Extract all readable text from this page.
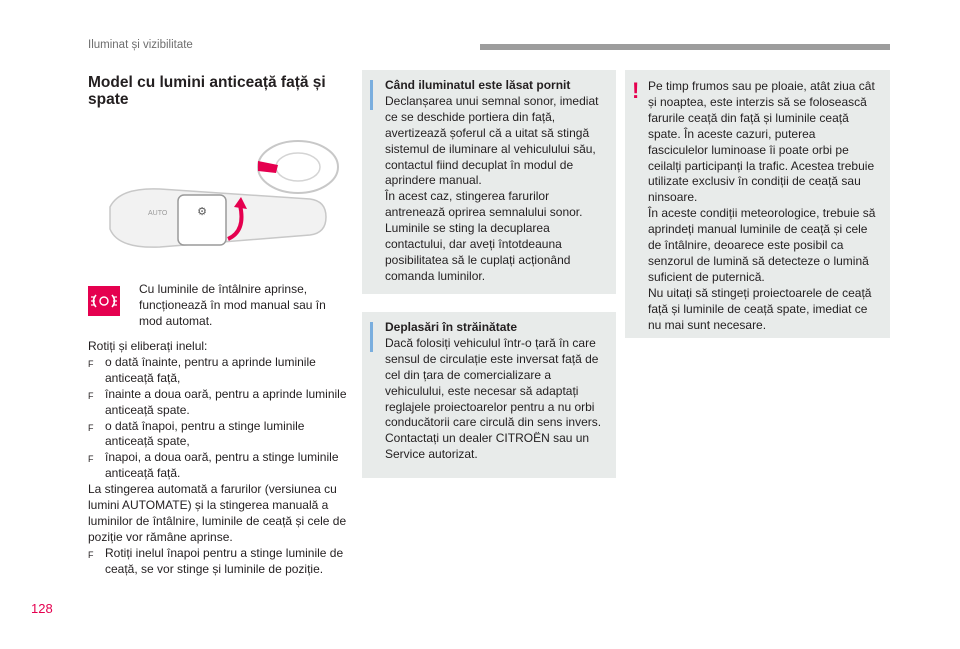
Iluminat și vizibilitate
Model cu lumini anticeață față și
spate
⚙
AUTO
Cu luminile de întâlnire aprinse, funcționează în mod manual sau în mod automat.

Rotiți și eliberați inelul:

F o dată înainte, pentru a aprinde luminile anticeață față,
F înainte a doua oară, pentru a aprinde luminile anticeață spate.
F o dată înapoi, pentru a stinge luminile anticeață spate,
F înapoi, a doua oară, pentru a stinge luminile anticeață față.

La stingerea automată a farurilor (versiunea cu lumini AUTOMATE) și la stingerea manuală a luminilor de întâlnire, luminile de ceață și cele de poziție vor rămâne aprinse.

F Rotiți inelul înapoi pentru a stinge luminile de ceață, se vor stinge și luminile de poziție.
Când iluminatul este lăsat pornit
Declanșarea unui semnal sonor, imediat ce se deschide portiera din față, avertizează șoferul că a uitat să stingă sistemul de iluminare al vehiculului său, contactul fiind decuplat în modul de aprindere manual.
În acest caz, stingerea farurilor antrenează oprirea semnalului sonor.
Luminile se sting la decuplarea contactului, dar aveți întotdeauna posibilitatea să le cuplați acționând comanda luminilor.
Deplasări în străinătate
Dacă folosiți vehiculul într-o țară în care sensul de circulație este inversat față de cel din țara de comercializare a vehiculului, este necesar să adaptați reglajele proiectoarelor pentru a nu orbi conducătorii care circulă din sens invers. Contactați un dealer CITROËN sau un Service autorizat.
! Pe timp frumos sau pe ploaie, atât ziua cât și noaptea, este interzis să se folosească farurile ceață din față și luminile ceață spate. În aceste cazuri, puterea fasciculelor luminoase îi poate orbi pe ceilalți participanți la trafic. Acestea trebuie utilizate exclusiv în condiții de ceață sau ninsoare.
În aceste condiții meteorologice, trebuie să aprindeți manual luminile de ceață și cele de întâlnire, deoarece este posibil ca senzorul de lumină să detecteze o lumină suficient de puternică.
Nu uitați să stingeți proiectoarele de ceață față și luminile de ceață spate, imediat ce nu mai sunt necesare.
128
